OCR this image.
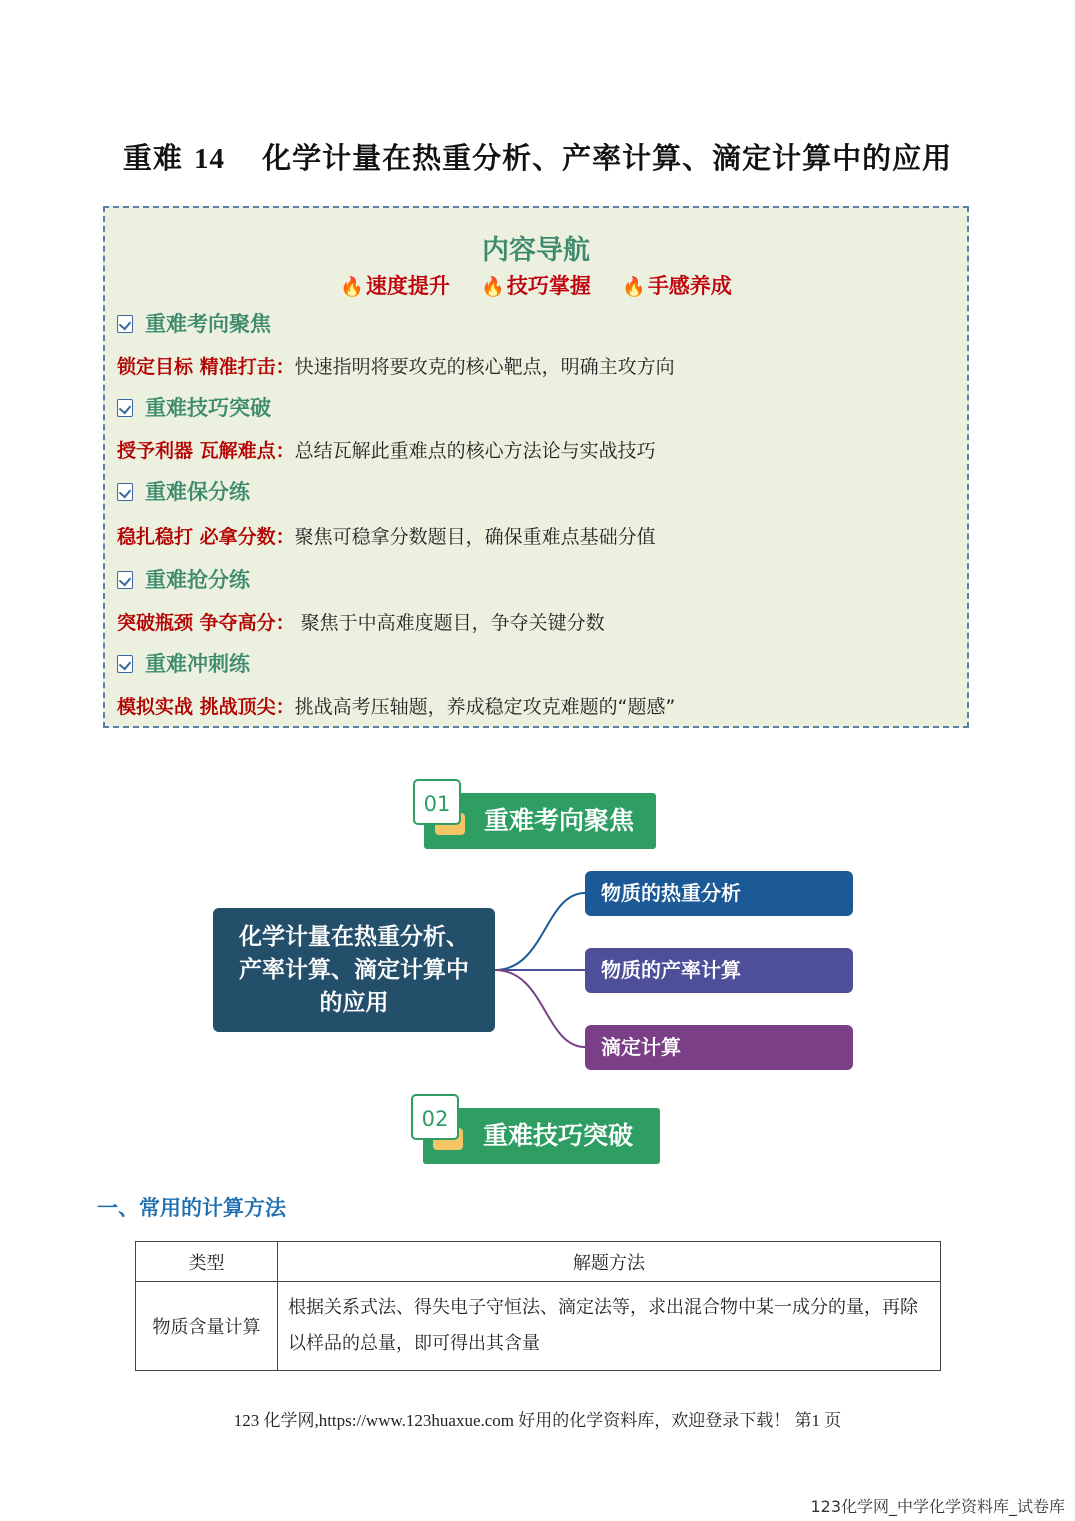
重难 14 化学计量在热重分析、产率计算、滴定计算中的应用
内容导航
🔥速度提升 🔥技巧掌握 🔥手感养成
重难考向聚焦
锁定目标 精准打击：快速指明将要攻克的核心靶点，明确主攻方向
重难技巧突破
授予利器 瓦解难点：总结瓦解此重难点的核心方法论与实战技巧
重难保分练
稳扎稳打 必拿分数：聚焦可稳拿分数题目，确保重难点基础分值
重难抢分练
突破瓶颈 争夺高分： 聚焦于中高难度题目，争夺关键分数
重难冲刺练
模拟实战 挑战顶尖：挑战高考压轴题，养成稳定攻克难题的“题感”
01
重难考向聚焦
化学计量在热重分析、产率计算、滴定计算中的应用
物质的热重分析
物质的产率计算
滴定计算
02
重难技巧突破
一、常用的计算方法
类型	解题方法
物质含量计算	根据关系式法、得失电子守恒法、滴定法等，求出混合物中某一成分的量，再除以样品的总量，即可得出其含量
123 化学网,https://www.123huaxue.com 好用的化学资料库，欢迎登录下载！ 第1 页
123化学网_中学化学资料库_试卷库
